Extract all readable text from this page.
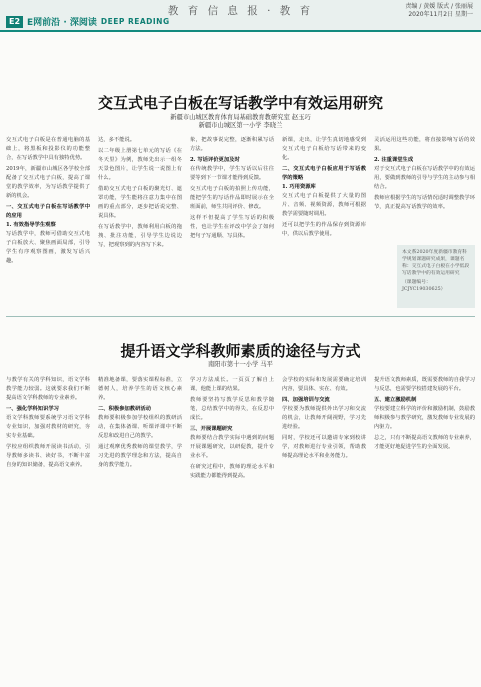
教 育 信 息 报 · 教 育	责编 / 黄媛 版式 / 张丽展
2020年11月2日 星期一
E2 E网前沿 · 深阅读 DEEP READING
交互式电子白板在写话教学中有效运用研究
新疆市山城区教育体育局基础教育教研究室 赵玉巧
新疆市山城区第一小学 李晓兰

交互式电子白板是在普通电脑的基础上，将黑板和投影仪的功能整合，在写话教学中具有独特优势。

2019年，新疆市山城区各学校全部配备了交互式电子白板，提高了课堂的教学效率，为写话教学提供了新的机会。

一、交互式电子白板在写话教学中的应用

1. 有效指导学生观察

写话教学中，教师可借助交互式电子白板放大、聚焦画面局部，引导学生有序观察图画，激发写话兴趣。

达，多不能说。

以二年级上册第七单元的写话《在冬天里》为例，教师先出示一组冬天景色图片，让学生说一说图上有什么。

借助交互式电子白板的聚光灯、遮罩功能，学生能将注意力集中在图画的重点部分，逐步把话说完整、说具体。

在写话教学中，教师利用白板的拖拽、批注功能，引导学生边说边写，把观察到的内容写下来。

象，把故事说完整，逐渐积累写话方法。

2. 写话评价更加及时

在传统教学中，学生写话以后往往要等到下一节课才能得到反馈。

交互式电子白板的拍照上传功能，能把学生的写话作品即时展示在全班面前，师生共同评价、修改。

这样不但提高了学生写话的积极性，也让学生在评改中学会了如何把句子写通顺、写具体。

新课，走出，让学生真切地感受到交互式电子白板给写话带来的变化。

二、交互式电子白板应用于写话教学的策略

1. 巧用资源库

交互式电子白板提供了大量的图片、音频、视频资源，教师可根据教学需要随时调用。

还可以把学生的作品保存到资源库中，供以后教学使用。

灵活运用这些功能，将直接影响写话的效果。

2. 注重课堂生成

对于交互式电子白板在写话教学中的有效运用，要做到教师的引导与学生的主动参与相结合。

教师应根据学生的写话情况适时调整教学环节，真正提高写话教学的效率。

本文系2020年度新疆市教育科学规划课题研究成果，课题名称：交互式电子白板在小学低段写话教学中的有效运用研究
（课题编号：JCJYC19030625）
提升语文学科教师素质的途径与方式
南阳市第十一小学 马平

与教学有关的学科知识，语文学科教学能力较弱。这就要求我们不断提高语文学科教师的专业素养。

一、强化学科知识学习

语文学科教师要系统学习语文学科专业知识，加强对教材的研究，夯实专业基础。

学校应组织教师开展读书活动，引导教师多读书、读好书，不断丰富自身的知识储备，提高语文素养。

精准地备课，要落实课程标准，立德树人，培养学生的语文核心素养。

二、积极参加教研活动

教师要积极参加学校组织的教研活动，在集体备课、听课评课中不断反思和改进自己的教学。

通过观摩优秀教师的课堂教学，学习先进的教学理念和方法，提高自身的教学能力。

学习方法成长。一页页了解自上课，他能上课的结果。

教师要坚持写教学反思和教学随笔，总结教学中的得失，在反思中成长。

三、开展课题研究

教师要结合教学实际中遇到的问题开展课题研究，以研促教，提升专业水平。

在研究过程中，教师的理论水平和实践能力都能得到提高。

会学校的实际和发展需要确定培训内容，要具体、实在、有效。

四、加强培训与交流

学校要为教师提供外出学习和交流的机会，让教师开阔视野，学习先进经验。

同时，学校还可以邀请专家到校讲学，对教师进行专业引领，帮助教师提高理论水平和业务能力。

提升语文教师素质，既需要教师的自我学习与反思，也需要学校搭建发展的平台。

五、建立激励机制

学校要建立科学的评价和激励机制，鼓励教师积极参与教学研究，激发教师专业发展的内驱力。

总之，只有不断提高语文教师的专业素养，才能更好地促进学生的全面发展。
